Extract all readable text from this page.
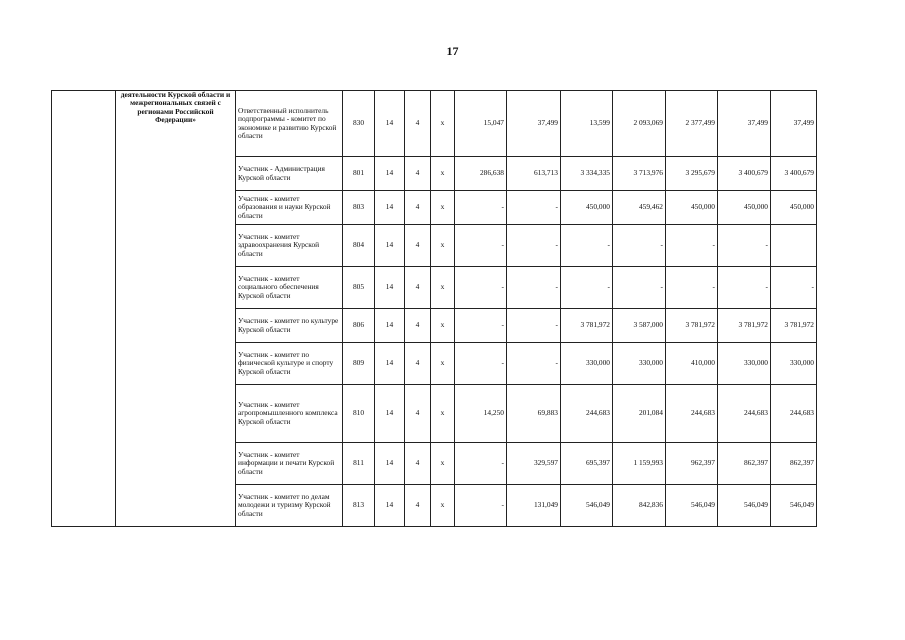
17
	деятельности Курской области и межрегиональных связей с регионами Российской Федерации»	Ответственный исполнитель подпрограммы - комитет по экономике и развитию Курской области	830	14	4	x	15,047	37,499	13,599	2 093,069	2 377,499	37,499	37,499
		Участник - Администрация Курской области	801	14	4	x	286,638	613,713	3 334,335	3 713,976	3 295,679	3 400,679	3 400,679
		Участник - комитет образования и науки Курской области	803	14	4	x	-	-	450,000	459,462	450,000	450,000	450,000
		Участник - комитет здравоохранения Курской области	804	14	4	x	-	-	-	-	-	-	
		Участник - комитет социального обеспечения Курской области	805	14	4	x	-	-	-	-	-	-	-
		Участник - комитет по культуре Курской области	806	14	4	x	-	-	3 781,972	3 587,000	3 781,972	3 781,972	3 781,972
		Участник - комитет по физической культуре и спорту Курской области	809	14	4	x	-	-	330,000	330,000	410,000	330,000	330,000
		Участник - комитет агропромышленного комплекса Курской области	810	14	4	x	14,250	69,883	244,683	201,084	244,683	244,683	244,683
		Участник - комитет информации и печати Курской области	811	14	4	x	-	329,597	695,397	1 159,993	962,397	862,397	862,397
		Участник - комитет по делам молодежи и туризму Курской области	813	14	4	x	-	131,049	546,049	842,836	546,049	546,049	546,049
